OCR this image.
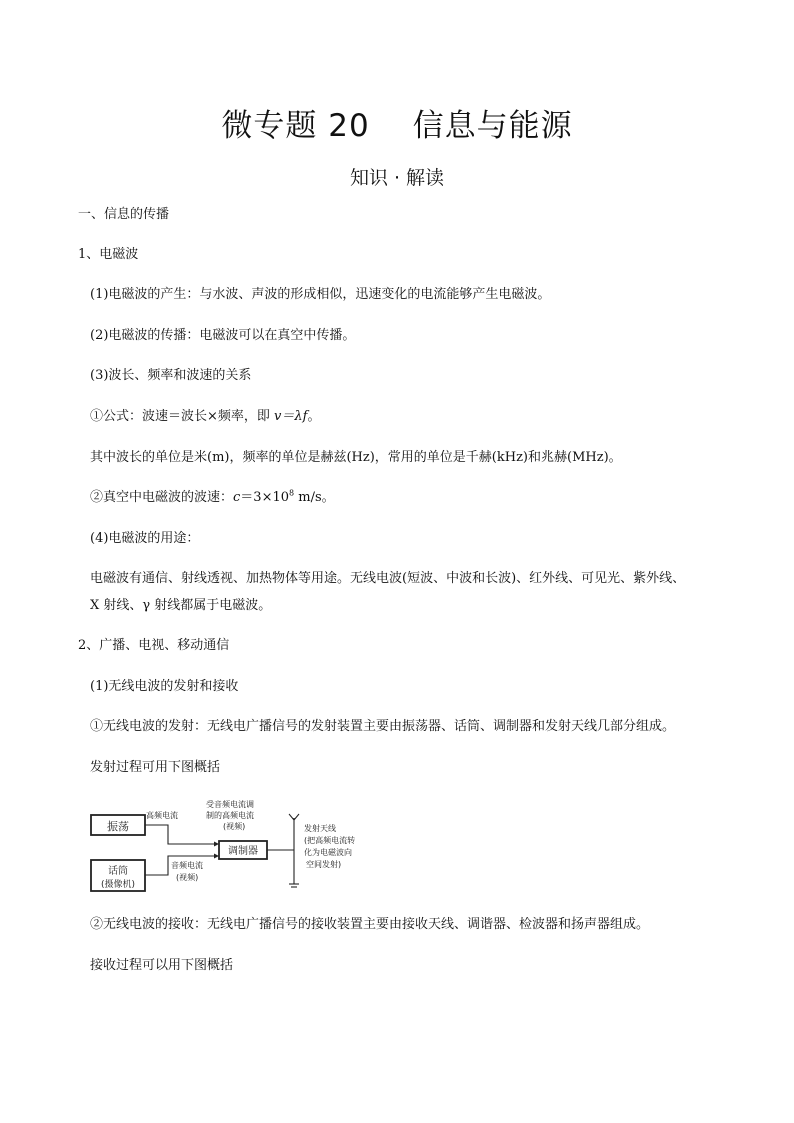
微专题 20　 信息与能源
知识 · 解读
一、信息的传播
1、电磁波
(1)电磁波的产生：与水波、声波的形成相似，迅速变化的电流能够产生电磁波。
(2)电磁波的传播：电磁波可以在真空中传播。
(3)波长、频率和波速的关系
①公式：波速＝波长×频率，即 v＝λf。
其中波长的单位是米(m)，频率的单位是赫兹(Hz)，常用的单位是千赫(kHz)和兆赫(MHz)。
②真空中电磁波的波速：$c=3\times 10^8$ m/s。
(4)电磁波的用途：
电磁波有通信、射线透视、加热物体等用途。无线电波(短波、中波和长波)、红外线、可见光、紫外线、
X 射线、γ 射线都属于电磁波。
2、广播、电视、移动通信
(1)无线电波的发射和接收
①无线电波的发射：无线电广播信号的发射装置主要由振荡器、话筒、调制器和发射天线几部分组成。
发射过程可用下图概括
振荡
话筒
(摄像机)
高频电流
音频电流
(视频)
受音频电流调
制的高频电流
(视频)
调制器
发射天线
(把高频电流转
化为电磁波向
空间发射)
②无线电波的接收：无线电广播信号的接收装置主要由接收天线、调谐器、检波器和扬声器组成。
接收过程可以用下图概括
